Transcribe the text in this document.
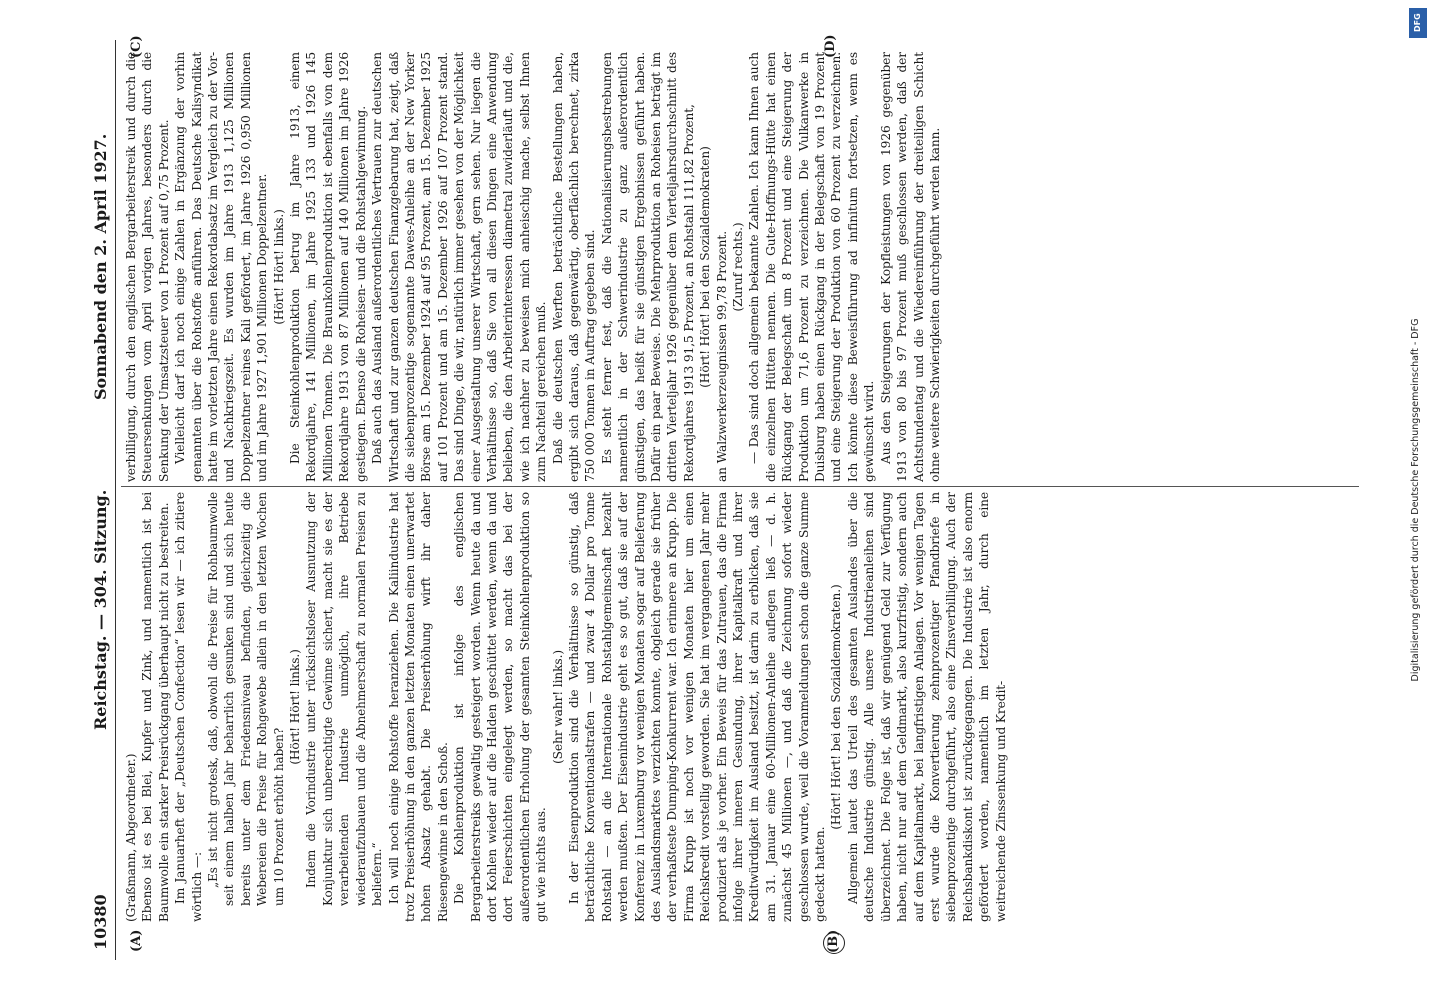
10380
Reichstag. — 304. Sitzung.
Sonnabend den 2. April 1927.
(A)	(B)
(C)	(D)

(Graßmann, Abgeordneter.) Ebenso ist es bei Blei, Kupfer und Zink, und namentlich ist bei Baumwolle ein starker Preisrückgang überhaupt nicht zu bestreiten. Im Januarheft der „Deutschen Confection“ lesen wir — ich zitiere wörtlich —: „Es ist nicht grotesk, daß, obwohl die Preise für Rohbaumwolle seit einem halben Jahr beharrlich gesunken sind und sich heute bereits unter dem Friedensniveau befinden, gleichzeitig die Webereien die Preise für Rohgewebe allein in den letzten Wochen um 10 Prozent erhöht haben?

(Hört! Hört! links.) Indem die Vorindustrie unter rücksichtsloser Ausnutzung der Konjunktur sich unberechtigte Gewinne sichert, macht sie es der verarbeitenden Industrie unmöglich, ihre Betriebe wiederaufzubauen und die Abnehmerschaft zu normalen Preisen zu beliefern.“ Ich will noch einige Rohstoffe heranziehen. Die Kaliindustrie hat trotz Preiserhöhung in den ganzen letzten Monaten einen unerwartet hohen Absatz gehabt. Die Preiserhöhung wirft ihr daher Riesengewinne in den Schoß. Die Kohlenproduktion ist infolge des englischen Bergarbeiterstreiks gewaltig gesteigert worden. Wenn heute da und dort Kohlen wieder auf die Halden geschüttet werden, wenn da und dort Feierschichten eingelegt werden, so macht das bei der außerordentlichen Erholung der gesamten Steinkohlenproduktion so gut wie nichts aus.

(Sehr wahr! links.) In der Eisenproduktion sind die Verhältnisse so günstig, daß beträchtliche Konventionalstrafen — und zwar 4 Dollar pro Tonne Rohstahl — an die Internationale Rohstahlgemeinschaft bezahlt werden mußten. Der Eisenindustrie geht es so gut, daß sie auf der Konferenz in Luxemburg vor wenigen Monaten sogar auf Belieferung des Auslandsmarktes verzichten konnte, obgleich gerade sie früher der verhaßteste Dumping-Konkurrent war. Ich erinnere an Krupp. Die Firma Krupp ist noch vor wenigen Monaten hier um einen Reichskredit vorstellig geworden. Sie hat im vergangenen Jahr mehr produziert als je vorher. Ein Beweis für das Zutrauen, das die Firma infolge ihrer inneren Gesundung, ihrer Kapitalkraft und ihrer Kreditwürdigkeit im Ausland besitzt, ist darin zu erblicken, daß sie am 31. Januar eine 60-Millionen-Anleihe auflegen ließ — d. h. zunächst 45 Millionen —, und daß die Zeichnung sofort wieder geschlossen wurde, weil die Voranmeldungen schon die ganze Summe gedeckt hatten.

(Hört! Hört! bei den Sozialdemokraten.) Allgemein lautet das Urteil des gesamten Auslandes über die deutsche Industrie günstig. Alle unsere Industrieanleihen sind überzeichnet. Die Folge ist, daß wir genügend Geld zur Verfügung haben, nicht nur auf dem Geldmarkt, also kurzfristig, sondern auch auf dem Kapitalmarkt, bei langfristigen Anlagen. Vor wenigen Tagen erst wurde die Konvertierung zehnprozentiger Pfandbriefe in siebenprozentige durchgeführt, also eine Zinsverbilligung. Auch der Reichsbankdiskont ist zurückgegangen. Die Industrie ist also enorm gefördert worden, namentlich im letzten Jahr, durch eine weitreichende Zinssenkung und Kredit-

verbilligung, durch den englischen Bergarbeiterstreik und durch die Steuersenkungen vom April vorigen Jahres, besonders durch die Senkung der Umsatzsteuer von 1 Prozent auf 0,75 Prozent. Vielleicht darf ich noch einige Zahlen in Ergänzung der vorhin genannten über die Rohstoffe anführen. Das Deutsche Kalisyndikat hatte im vorletzten Jahre einen Rekordabsatz im Vergleich zu der Vor- und Nachkriegszeit. Es wurden im Jahre 1913 1,125 Millionen Doppelzentner reines Kali gefördert, im Jahre 1926 0,950 Millionen und im Jahre 1927 1,901 Millionen Doppelzentner. (Hört! Hört! links.) Die Steinkohlenproduktion betrug im Jahre 1913, einem Rekordjahre, 141 Millionen, im Jahre 1925 133 und 1926 145 Millionen Tonnen. Die Braunkohlenproduktion ist ebenfalls von dem Rekordjahre 1913 von 87 Millionen auf 140 Millionen im Jahre 1926 gestiegen. Ebenso die Roheisen- und die Rohstahlgewinnung. Daß auch das Ausland außerordentliches Vertrauen zur deutschen Wirtschaft und zur ganzen deutschen Finanzgebarung hat, zeigt, daß die siebenprozentige sogenannte Dawes-Anleihe an der New Yorker Börse am 15. Dezember 1924 auf 95 Prozent, am 15. Dezember 1925 auf 101 Prozent und am 15. Dezember 1926 auf 107 Prozent stand. Das sind Dinge, die wir, natürlich immer gesehen von der Möglichkeit einer Ausgestaltung unserer Wirtschaft, gern sehen. Nur liegen die Verhältnisse so, daß Sie von all diesen Dingen eine Anwendung belieben, die den Arbeiterinteressen diametral zuwiderläuft und die, wie ich nachher zu beweisen mich anheischig mache, selbst Ihnen zum Nachteil gereichen muß. Daß die deutschen Werften beträchtliche Bestellungen haben, ergibt sich daraus, daß gegenwärtig, oberflächlich berechnet, zirka 750 000 Tonnen in Auftrag gegeben sind. Es steht ferner fest, daß die Nationalisierungsbestrebungen namentlich in der Schwerindustrie zu ganz außerordentlich günstigen, das heißt für sie günstigen Ergebnissen geführt haben. Dafür ein paar Beweise. Die Mehrproduktion an Roheisen beträgt im dritten Vierteljahr 1926 gegenüber dem Vierteljahrsdurchschnitt des Rekordjahres 1913 91,5 Prozent, an Rohstahl 111,82 Prozent, (Hört! Hört! bei den Sozialdemokraten) an Walzwerkerzeugnissen 99,78 Prozent. (Zuruf rechts.) — Das sind doch allgemein bekannte Zahlen. Ich kann Ihnen auch die einzelnen Hütten nennen. Die Gute-Hoffnungs-Hütte hat einen Rückgang der Belegschaft um 8 Prozent und eine Steigerung der Produktion um 71,6 Prozent zu verzeichnen. Die Vulkanwerke in Duisburg haben einen Rückgang in der Belegschaft von 19 Prozent und eine Steigerung der Produktion von 60 Prozent zu verzeichnen. Ich könnte diese Beweisführung ad infinitum fortsetzen, wenn es gewünscht wird. Aus den Steigerungen der Kopfleistungen von 1926 gegenüber 1913 von 80 bis 97 Prozent muß geschlossen werden, daß der Achtstundentag und die Wiedereinführung der dreiteiligen Schicht ohne weitere Schwierigkeiten durchgeführt werden kann.

DFG
Digitalisierung gefördert durch die Deutsche Forschungsgemeinschaft - DFG
